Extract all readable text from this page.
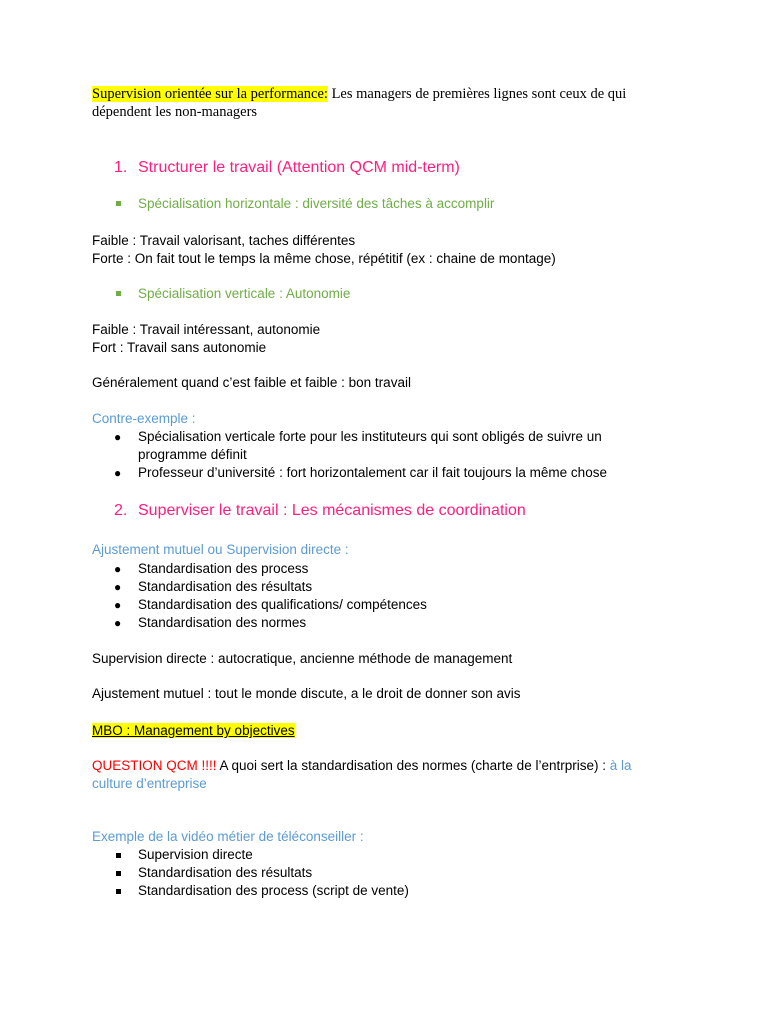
Supervision orientée sur la performance: Les managers de premières lignes sont ceux de qui
dépendent les non-managers
1. Structurer le travail (Attention QCM mid-term)
Spécialisation horizontale : diversité des tâches à accomplir
Faible : Travail valorisant, taches différentes
Forte : On fait tout le temps la même chose, répétitif (ex : chaine de montage)
Spécialisation verticale : Autonomie
Faible : Travail intéressant, autonomie
Fort : Travail sans autonomie
Généralement quand c’est faible et faible : bon travail
Contre-exemple :
● Spécialisation verticale forte pour les instituteurs qui sont obligés de suivre un
programme définit
● Professeur d’université : fort horizontalement car il fait toujours la même chose
2. Superviser le travail : Les mécanismes de coordination
Ajustement mutuel ou Supervision directe :
● Standardisation des process
● Standardisation des résultats
● Standardisation des qualifications/ compétences
● Standardisation des normes
Supervision directe : autocratique, ancienne méthode de management
Ajustement mutuel : tout le monde discute, a le droit de donner son avis
MBO : Management by objectives
QUESTION QCM !!!! A quoi sert la standardisation des normes (charte de l’entrprise) : à la
culture d’entreprise
Exemple de la vidéo métier de téléconseiller :
Supervision directe
Standardisation des résultats
Standardisation des process (script de vente)
